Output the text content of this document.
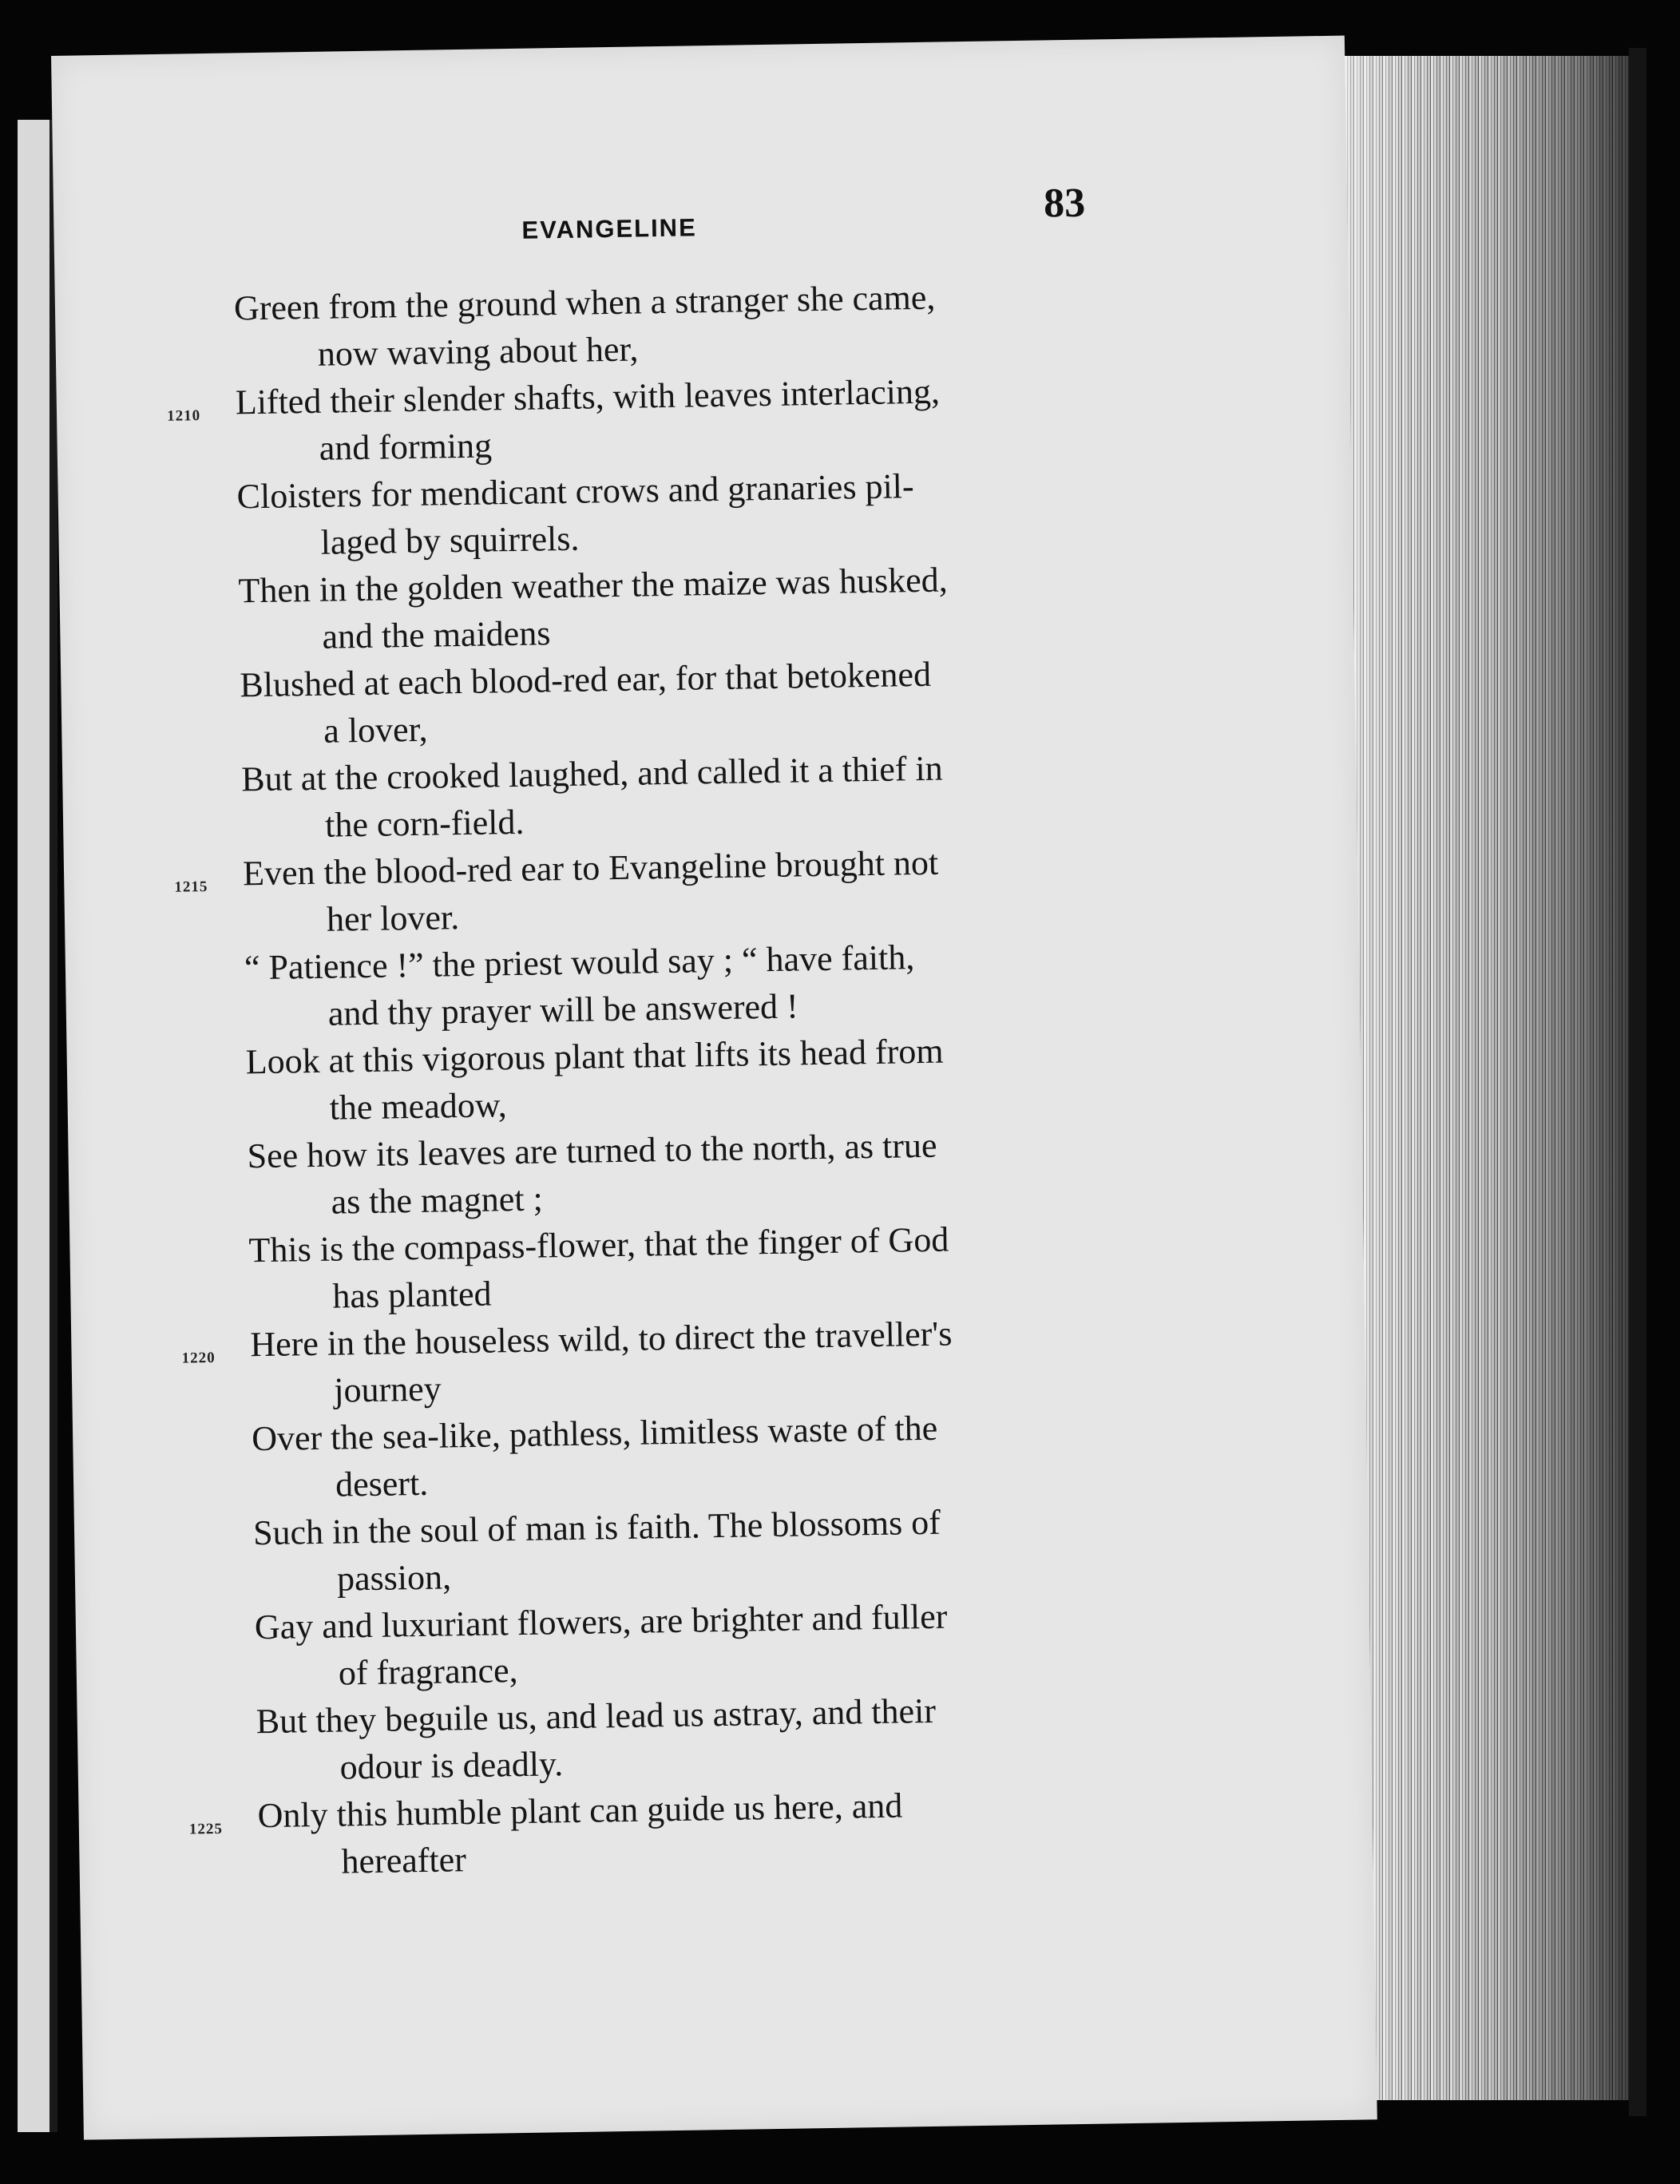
EVANGELINE
83
Green from the ground when a stranger she came,
now waving about her,
1210 Lifted their slender shafts, with leaves interlacing,
and forming
Cloisters for mendicant crows and granaries pil-
laged by squirrels.
Then in the golden weather the maize was husked,
and the maidens
Blushed at each blood-red ear, for that betokened
a lover,
But at the crooked laughed, and called it a thief in
the corn-field.
1215 Even the blood-red ear to Evangeline brought not
her lover.
“ Patience !” the priest would say ; “ have faith,
and thy prayer will be answered !
Look at this vigorous plant that lifts its head from
the meadow,
See how its leaves are turned to the north, as true
as the magnet ;
This is the compass-flower, that the finger of God
has planted
1220 Here in the houseless wild, to direct the traveller's
journey
Over the sea-like, pathless, limitless waste of the
desert.
Such in the soul of man is faith. The blossoms of
passion,
Gay and luxuriant flowers, are brighter and fuller
of fragrance,
But they beguile us, and lead us astray, and their
odour is deadly.
1225 Only this humble plant can guide us here, and
hereafter
